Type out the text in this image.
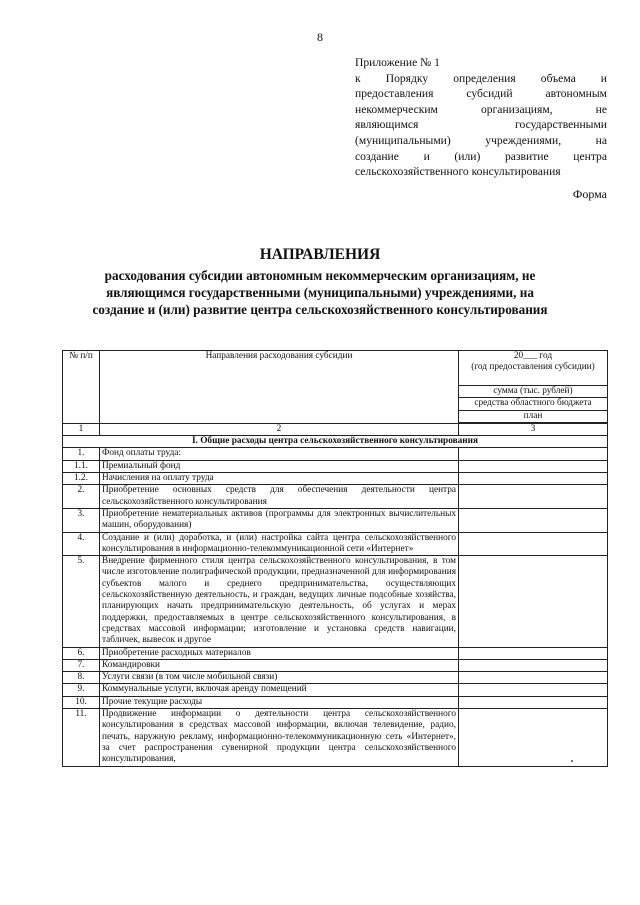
8
Приложение № 1
к Порядку определения объема и
предоставления субсидий автономным
некоммерческим организациям, не
являющимся государственными
(муниципальными) учреждениями, на
создание и (или) развитие центра
сельскохозяйственного консультирования
Форма
НАПРАВЛЕНИЯ
расходования субсидии автономным некоммерческим организациям, не
являющимся государственными (муниципальными) учреждениями, на
создание и (или) развитие центра сельскохозяйственного консультирования
№ п/п	Направления расходования субсидии	20___ год
(год предоставления субсидии)

		сумма (тыс. рублей)
		средства областного бюджета
		план

1	2	3
I. Общие расходы центра сельскохозяйственного консультирования		
1.	Фонд оплаты труда:	
1.1.	Премиальный фонд	
1.2.	Начисления на оплату труда	
2.	Приобретение основных средств для обеспечения деятельности центра сельскохозяйственного консультирования	
3.	Приобретение нематериальных активов (программы для электронных вычислительных машин, оборудования)	
4.	Создание и (или) доработка, и (или) настройка сайта центра сельскохозяйственного консультирования в информационно-телекоммуникационной сети «Интернет»	
5.	Внедрение фирменного стиля центра сельскохозяйственного консультирования, в том числе изготовление полиграфической продукции, предназначенной для информирования субъектов малого и среднего предпринимательства, осуществляющих сельскохозяйственную деятельность, и граждан, ведущих личные подсобные хозяйства, планирующих начать предпринимательскую деятельность, об услугах и мерах поддержки, предоставляемых в центре сельскохозяйственного консультирования, в средствах массовой информации; изготовление и установка средств навигации, табличек, вывесок и другое	
6.	Приобретение расходных материалов	
7.	Командировки	
8.	Услуги связи (в том числе мобильной связи)	
9.	Коммунальные услуги, включая аренду помещений	
10.	Прочие текущие расходы	
11.	Продвижение информации о деятельности центра сельскохозяйственного консультирования в средствах массовой информации, включая телевидение, радио, печать, наружную рекламу, информационно-телекоммуникационную сеть «Интернет», за счет распространения сувенирной продукции центра сельскохозяйственного консультирования,	
